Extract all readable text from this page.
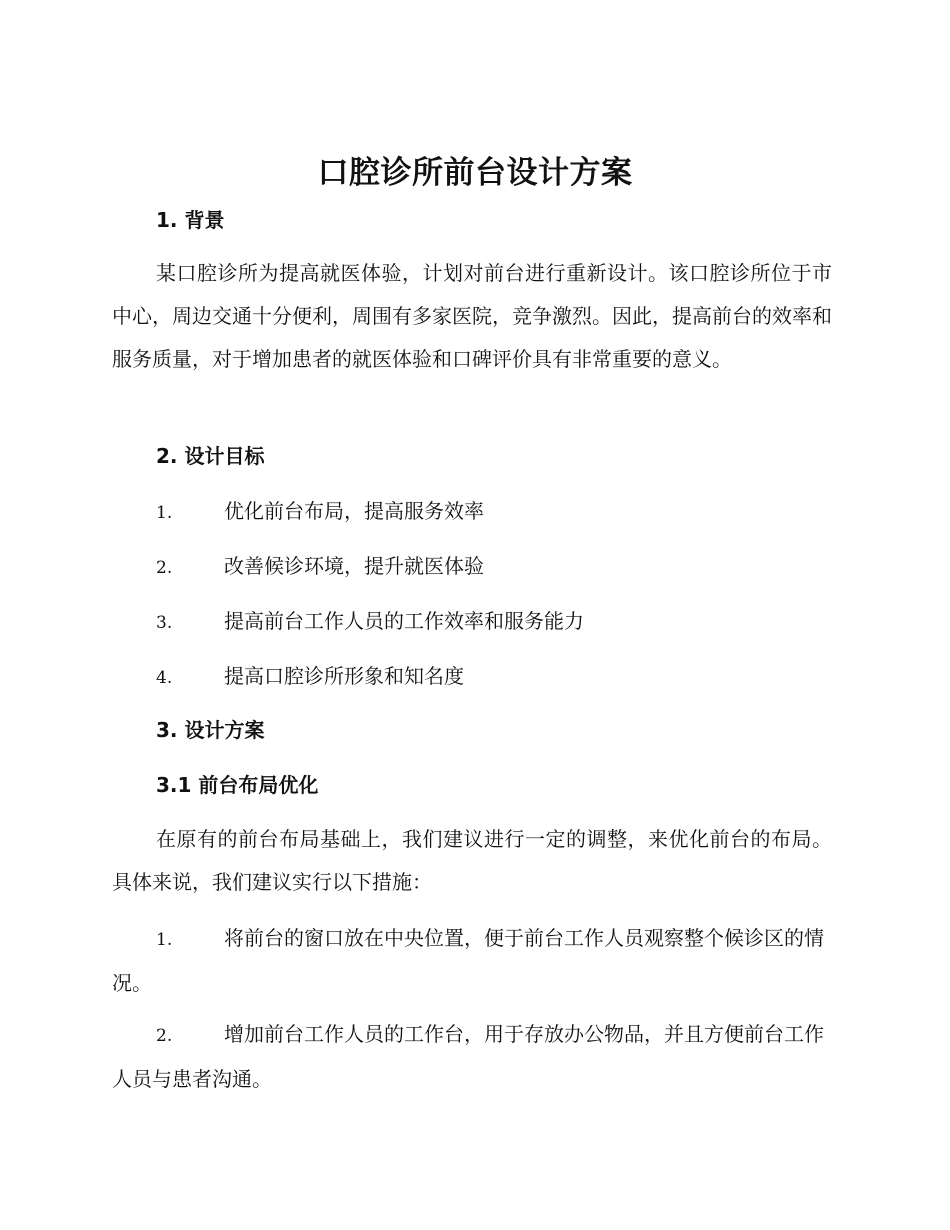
口腔诊所前台设计方案
1. 背景
某口腔诊所为提高就医体验，计划对前台进行重新设计。该口腔诊所位于市中心，周边交通十分便利，周围有多家医院，竞争激烈。因此，提高前台的效率和服务质量，对于增加患者的就医体验和口碑评价具有非常重要的意义。
2. 设计目标
1.	优化前台布局，提高服务效率
2.	改善候诊环境，提升就医体验
3.	提高前台工作人员的工作效率和服务能力
4.	提高口腔诊所形象和知名度
3. 设计方案
3.1 前台布局优化
在原有的前台布局基础上，我们建议进行一定的调整，来优化前台的布局。具体来说，我们建议实行以下措施：
1.	将前台的窗口放在中央位置，便于前台工作人员观察整个候诊区的情况。
2.	增加前台工作人员的工作台，用于存放办公物品，并且方便前台工作人员与患者沟通。
